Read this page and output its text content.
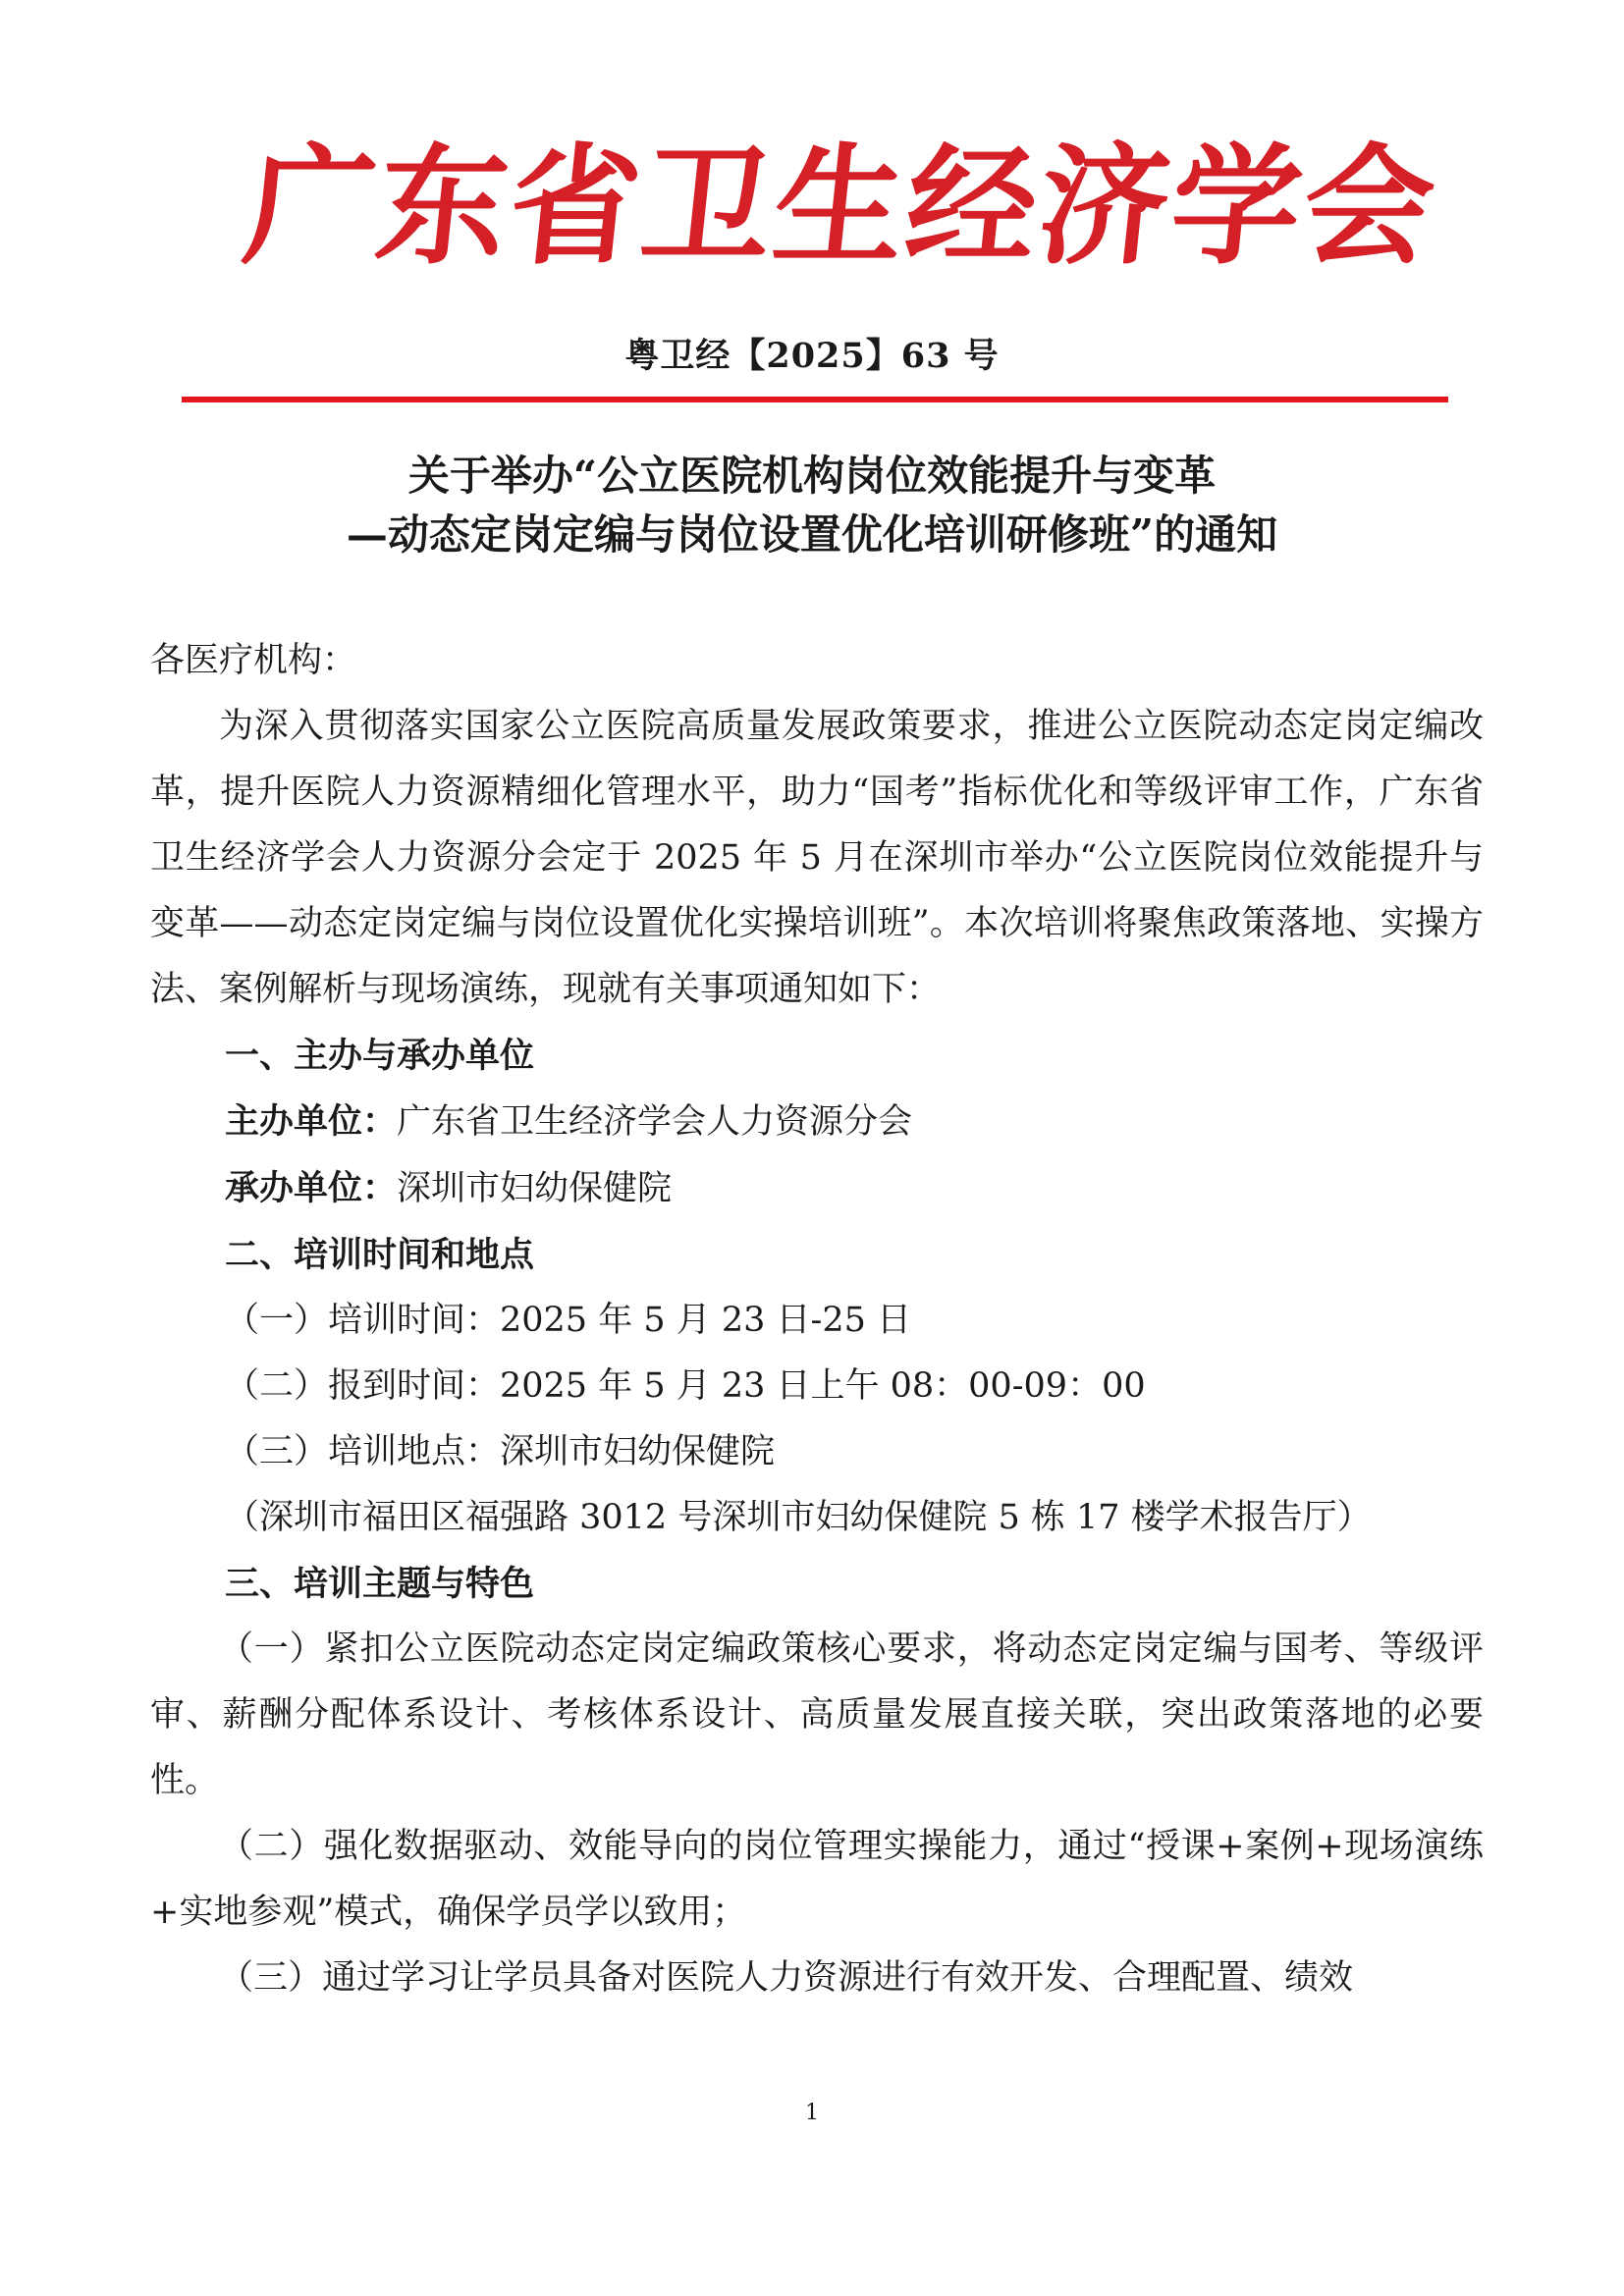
广
东
省
卫
生
经
济
学
会
粤卫经【2025】63 号
关于举办“公立医院机构岗位效能提升与变革
—动态定岗定编与岗位设置优化培训研修班”的通知

各医疗机构：

为深入贯彻落实国家公立医院高质量发展政策要求，推进公立医院动态定岗定编改革，提升医院人力资源精细化管理水平，助力“国考”指标优化和等级评审工作，广东省卫生经济学会人力资源分会定于 2025 年 5 月在深圳市举办“公立医院岗位效能提升与变革——动态定岗定编与岗位设置优化实操培训班”。本次培训将聚焦政策落地、实操方法、案例解析与现场演练，现就有关事项通知如下：

一、主办与承办单位

主办单位：广东省卫生经济学会人力资源分会

承办单位：深圳市妇幼保健院

二、培训时间和地点

（一）培训时间：2025 年 5 月 23 日-25 日

（二）报到时间：2025 年 5 月 23 日上午 08：00-09：00

（三）培训地点：深圳市妇幼保健院

（深圳市福田区福强路 3012 号深圳市妇幼保健院 5 栋 17 楼学术报告厅）

三、培训主题与特色

（一）紧扣公立医院动态定岗定编政策核心要求，将动态定岗定编与国考、等级评审、薪酬分配体系设计、考核体系设计、高质量发展直接关联，突出政策落地的必要性。

（二）强化数据驱动、效能导向的岗位管理实操能力，通过“授课+案例+现场演练+实地参观”模式，确保学员学以致用；

（三）通过学习让学员具备对医院人力资源进行有效开发、合理配置、绩效

1
